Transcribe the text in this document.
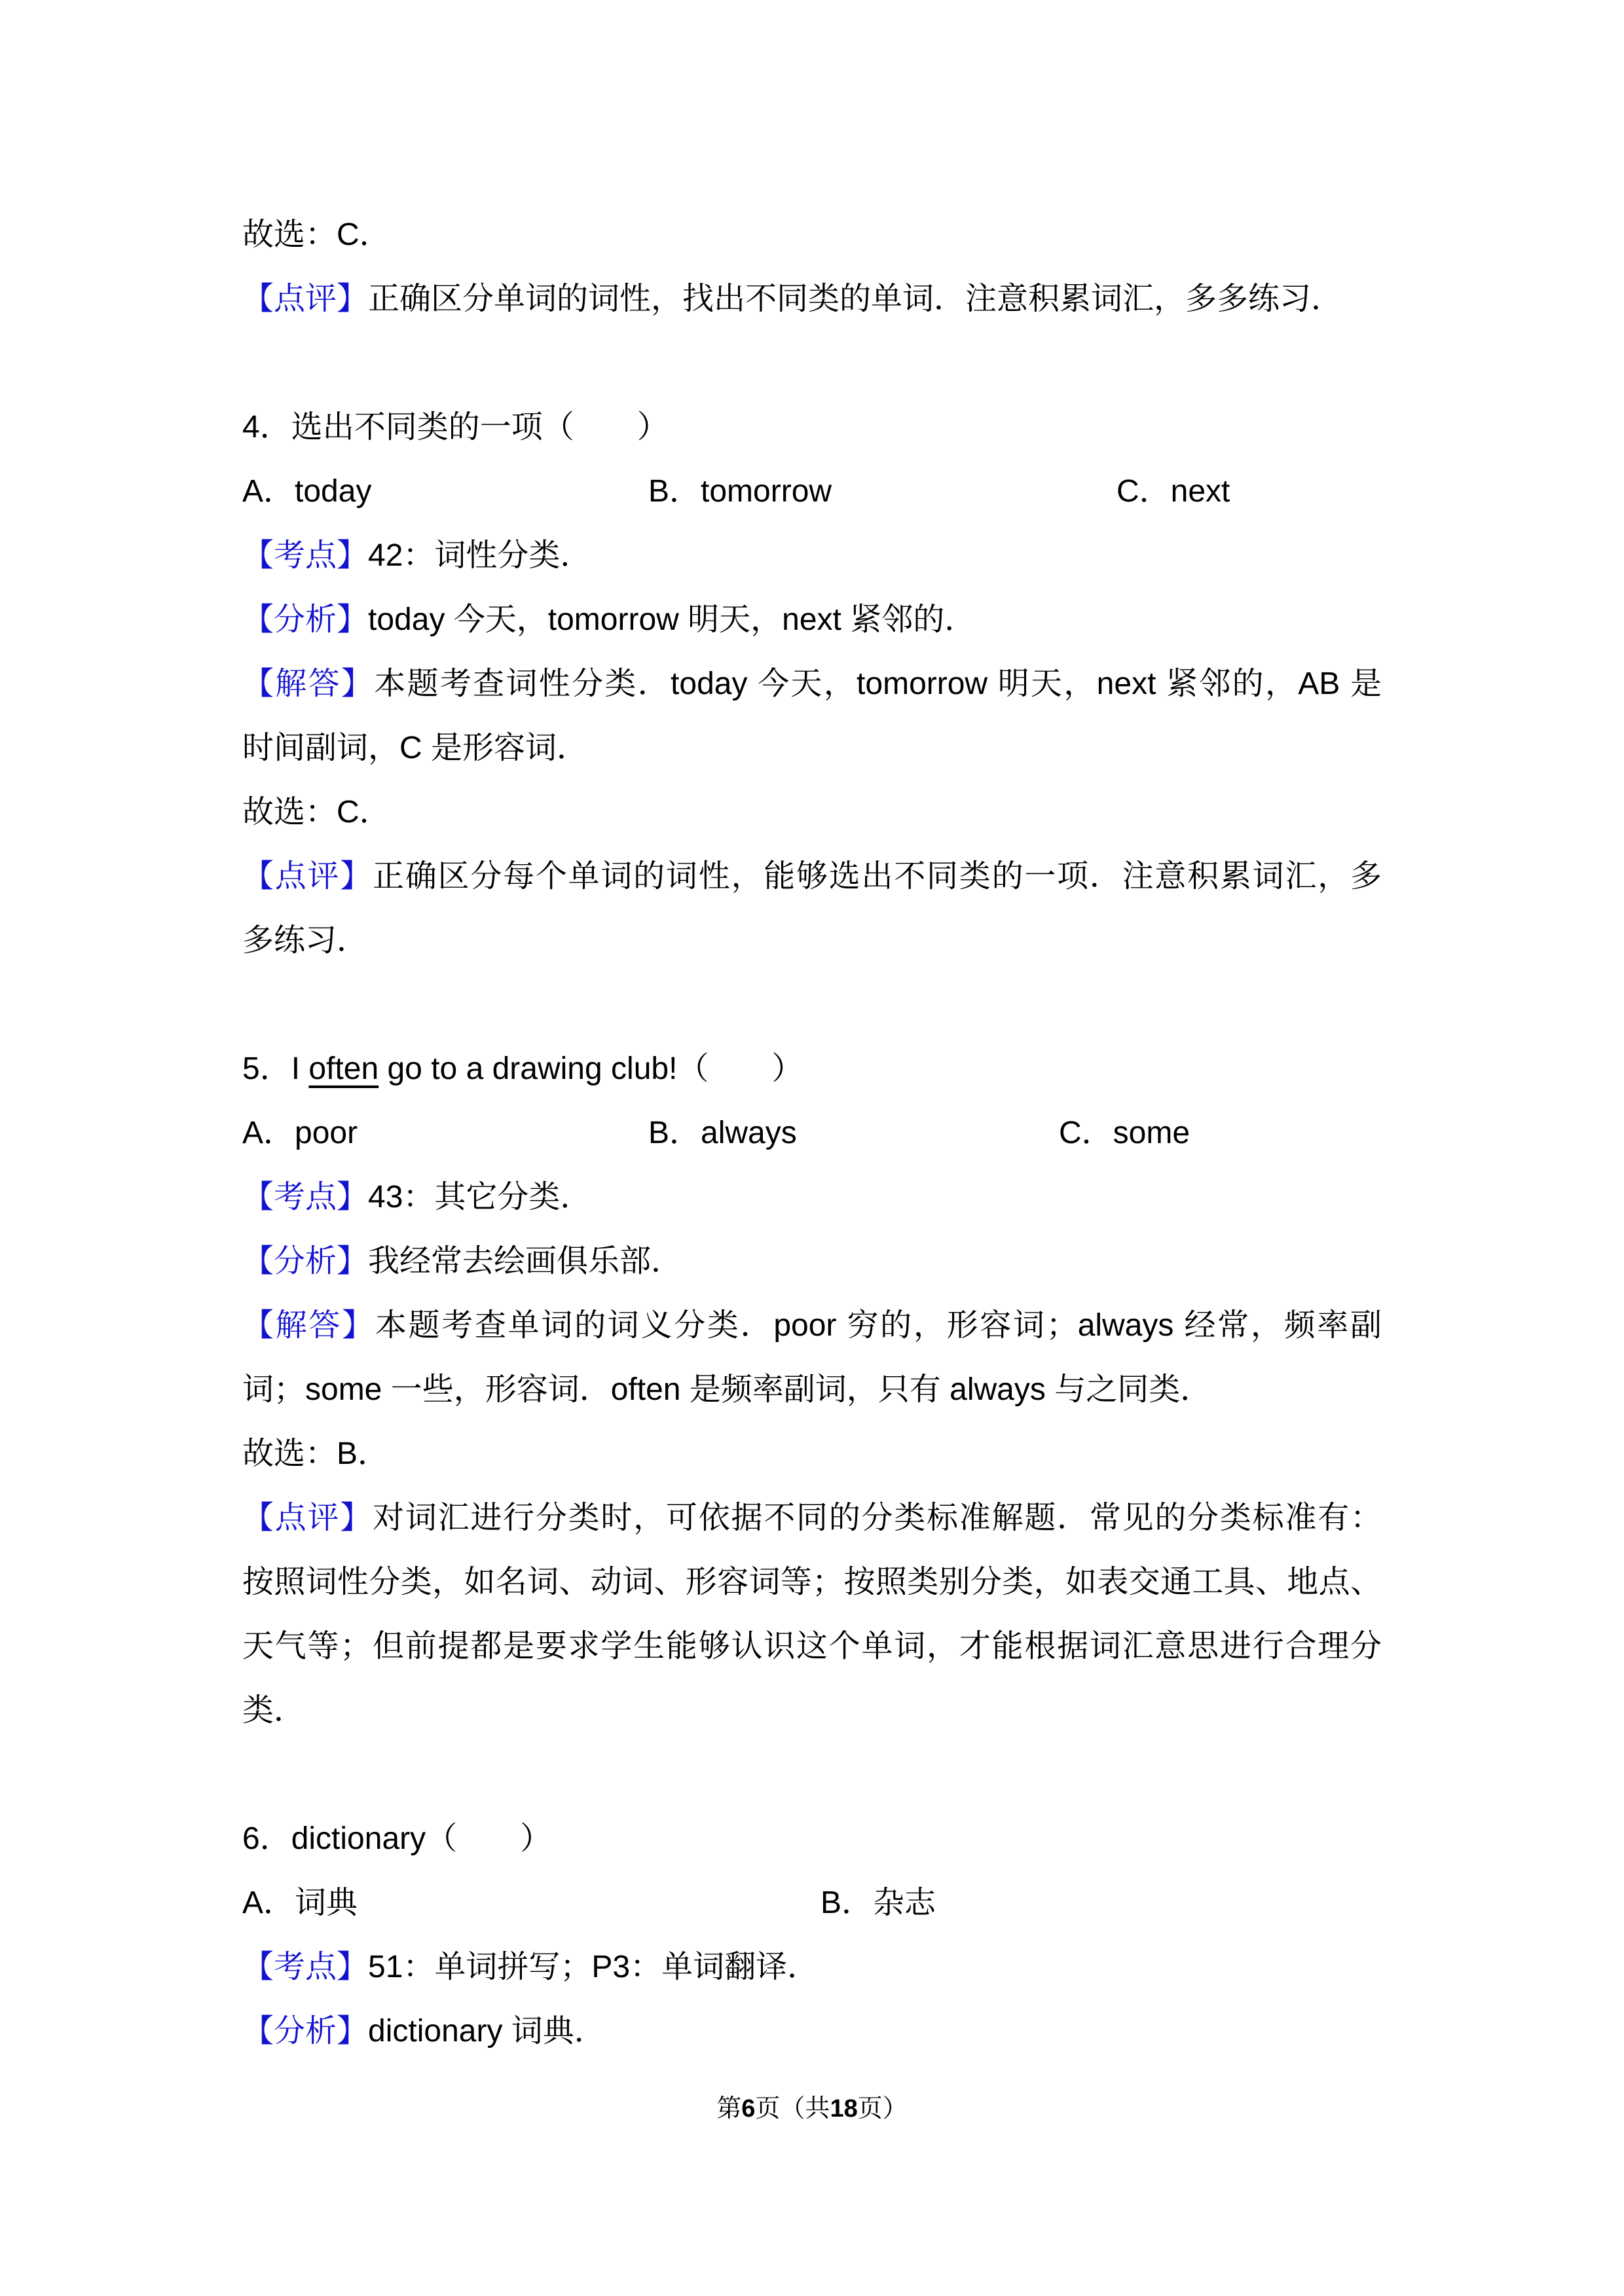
故选：C．
【点评】正确区分单词的词性，找出不同类的单词．注意积累词汇，多多练习．
4．选出不同类的一项（　　）
A．today	B．tomorrow	C．next
【考点】42：词性分类．
【分析】today 今天，tomorrow 明天，next 紧邻的．
【解答】本题考查词性分类．today 今天，tomorrow 明天，next 紧邻的，AB 是
时间副词，C 是形容词．
故选：C．
【点评】正确区分每个单词的词性，能够选出不同类的一项．注意积累词汇，多
多练习．
5．I often go to a drawing club!（　　）
A．poor	B．always	C．some
【考点】43：其它分类．
【分析】我经常去绘画俱乐部．
【解答】本题考查单词的词义分类．poor 穷的，形容词；always 经常，频率副
词；some 一些，形容词．often 是频率副词，只有 always 与之同类．
故选：B．
【点评】对词汇进行分类时，可依据不同的分类标准解题．常见的分类标准有：
按照词性分类，如名词、动词、形容词等；按照类别分类，如表交通工具、地点、
天气等；但前提都是要求学生能够认识这个单词，才能根据词汇意思进行合理分
类．
6．dictionary（　　）
A．词典	B．杂志
【考点】51：单词拼写；P3：单词翻译．
【分析】dictionary 词典．
第6页（共18页）
